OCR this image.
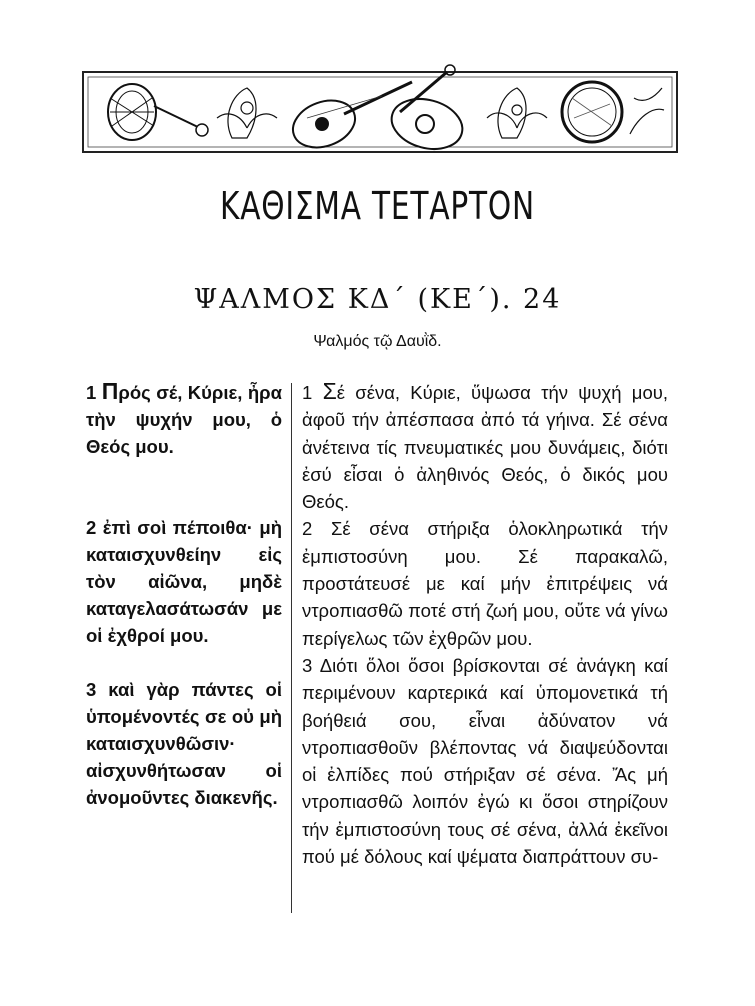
ΚΑΘΙΣΜΑ ΤΕΤΑΡΤΟΝ
ΨΑΛΜΟΣ ΚΔ΄ (ΚΕ΄). 24
Ψαλμός τῷ Δαυῒδ.

1 Πρός σέ, Κύριε, ἦρα τὴν ψυχήν μου, ὁ Θεός μου.

2 ἐπὶ σοὶ πέποιθα· μὴ καταισχυνθείην εἰς τὸν αἰῶνα, μηδὲ καταγελασάτωσάν με οἱ ἐχθροί μου.

3 καὶ γὰρ πάντες οἱ ὑπομένοντές σε οὐ μὴ καταισχυνθῶσιν· αἰσχυνθήτωσαν οἱ ἀνομοῦντες διακενῆς.

1 Σέ σένα, Κύριε, ὕψωσα τήν ψυχή μου, ἀφοῦ τήν ἀπέσπασα ἀπό τά γήινα. Σέ σένα ἀνέτεινα τίς πνευματικές μου δυνάμεις, διότι ἐσύ εἶσαι ὁ ἀληθινός Θεός, ὁ δικός μου Θεός.

2 Σέ σένα στήριξα ὁλοκληρωτικά τήν ἐμπιστοσύνη μου. Σέ παρακαλῶ, προστάτευσέ με καί μήν ἐπιτρέψεις νά ντροπιασθῶ ποτέ στή ζωή μου, οὔτε νά γίνω περίγελως τῶν ἐχθρῶν μου.

3 Διότι ὅλοι ὅσοι βρίσκονται σέ ἀνάγκη καί περιμένουν καρτερικά καί ὑπομονετικά τή βοήθειά σου, εἶναι ἀδύνατον νά ντροπιασθοῦν βλέποντας νά διαψεύδονται οἱ ἐλπίδες πού στήριξαν σέ σένα. Ἄς μή ντροπιασθῶ λοιπόν ἐγώ κι ὅσοι στηρίζουν τήν ἐμπιστοσύνη τους σέ σένα, ἀλλά ἐκεῖνοι πού μέ δόλους καί ψέματα διαπράττουν συ-
